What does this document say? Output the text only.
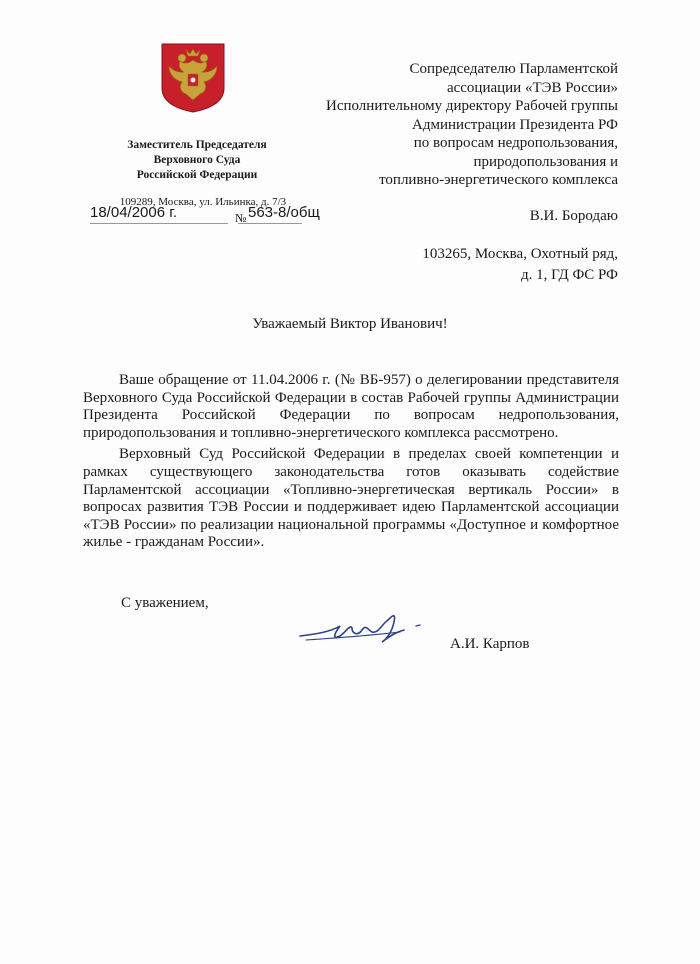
Заместитель Председателя
Верховного Суда
Российской Федерации
109289, Москва, ул. Ильинка, д. 7/3
18/04/2006 г.	№ 563-8/общ
Сопредседателю Парламентской
ассоциации «ТЭВ России»
Исполнительному директору Рабочей группы
Администрации Президента РФ
по вопросам недропользования,
природопользования и
топливно-энергетического комплекса
В.И. Бородаю
103265, Москва, Охотный ряд,
д. 1, ГД ФС РФ
Уважаемый Виктор Иванович!

Ваше обращение от 11.04.2006 г. (№ ВБ-957) о делегировании представителя Верховного Суда Российской Федерации в состав Рабочей группы Администрации Президента Российской Федерации по вопросам недропользования, природопользования и топливно-энергетического комплекса рассмотрено.

Верховный Суд Российской Федерации в пределах своей компетенции и рамках существующего законодательства готов оказывать содействие Парламентской ассоциации «Топливно-энергетическая вертикаль России» в вопросах развития ТЭВ России и поддерживает идею Парламентской ассоциации «ТЭВ России» по реализации национальной программы «Доступное и комфортное жилье - гражданам России».

С уважением,
А.И. Карпов
